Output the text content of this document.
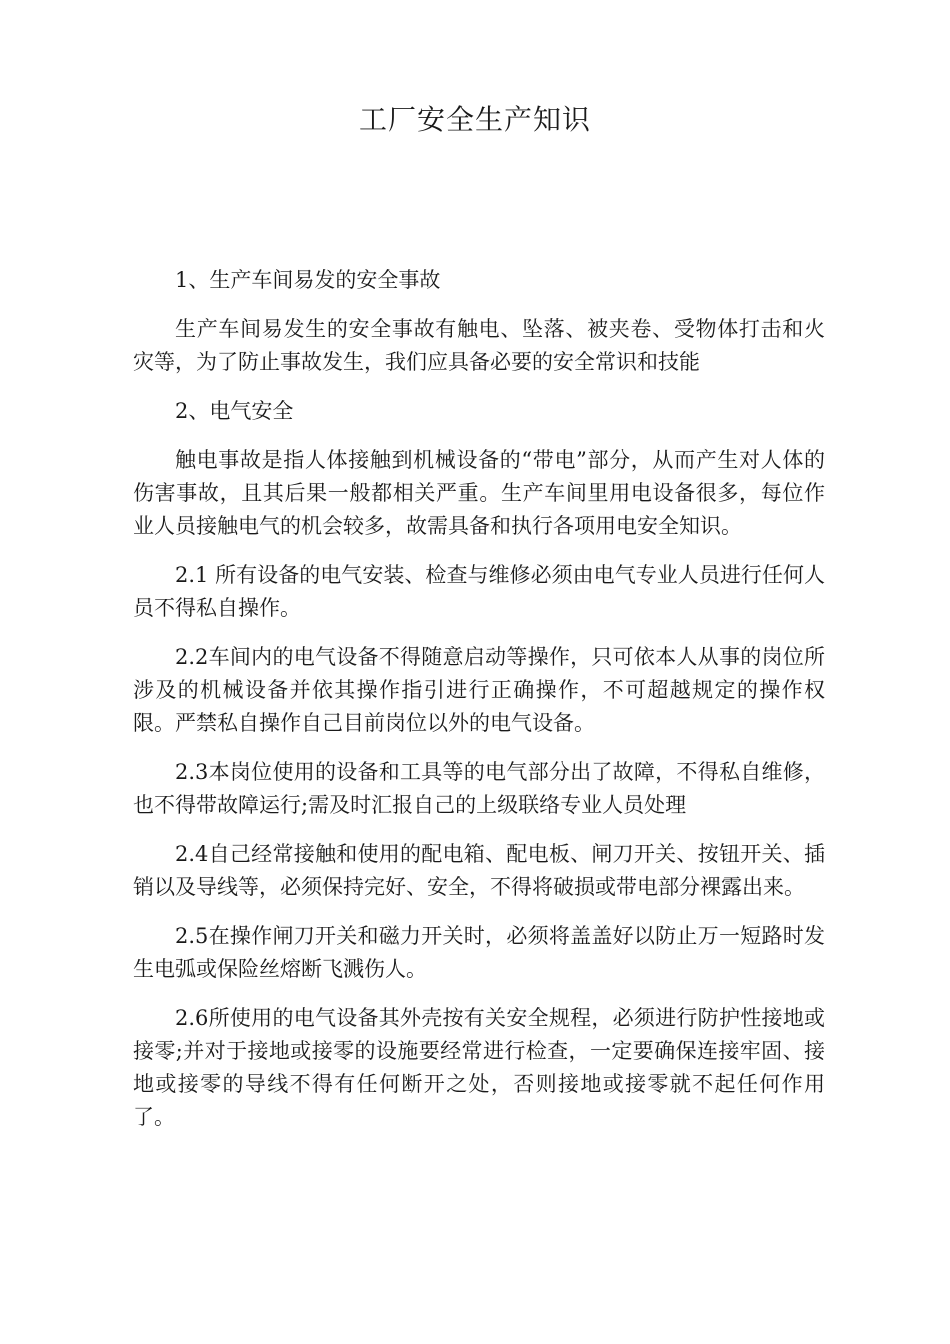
工厂安全生产知识

1、生产车间易发的安全事故

生产车间易发生的安全事故有触电、坠落、被夹卷、受物体打击和火灾等，为了防止事故发生，我们应具备必要的安全常识和技能

2、电气安全

触电事故是指人体接触到机械设备的“带电”部分，从而产生对人体的伤害事故，且其后果一般都相关严重。生产车间里用电设备很多，每位作业人员接触电气的机会较多，故需具备和执行各项用电安全知识。

2.1 所有设备的电气安装、检查与维修必须由电气专业人员进行任何人员不得私自操作。

2.2车间内的电气设备不得随意启动等操作，只可依本人从事的岗位所涉及的机械设备并依其操作指引进行正确操作，不可超越规定的操作权限。严禁私自操作自己目前岗位以外的电气设备。

2.3本岗位使用的设备和工具等的电气部分出了故障，不得私自维修，也不得带故障运行;需及时汇报自己的上级联络专业人员处理

2.4自己经常接触和使用的配电箱、配电板、闸刀开关、按钮开关、插销以及导线等，必须保持完好、安全，不得将破损或带电部分裸露出来。

2.5在操作闸刀开关和磁力开关时，必须将盖盖好以防止万一短路时发生电弧或保险丝熔断飞溅伤人。

2.6所使用的电气设备其外壳按有关安全规程，必须进行防护性接地或接零;并对于接地或接零的设施要经常进行检查，一定要确保连接牢固、接地或接零的导线不得有任何断开之处，否则接地或接零就不起任何作用了。
